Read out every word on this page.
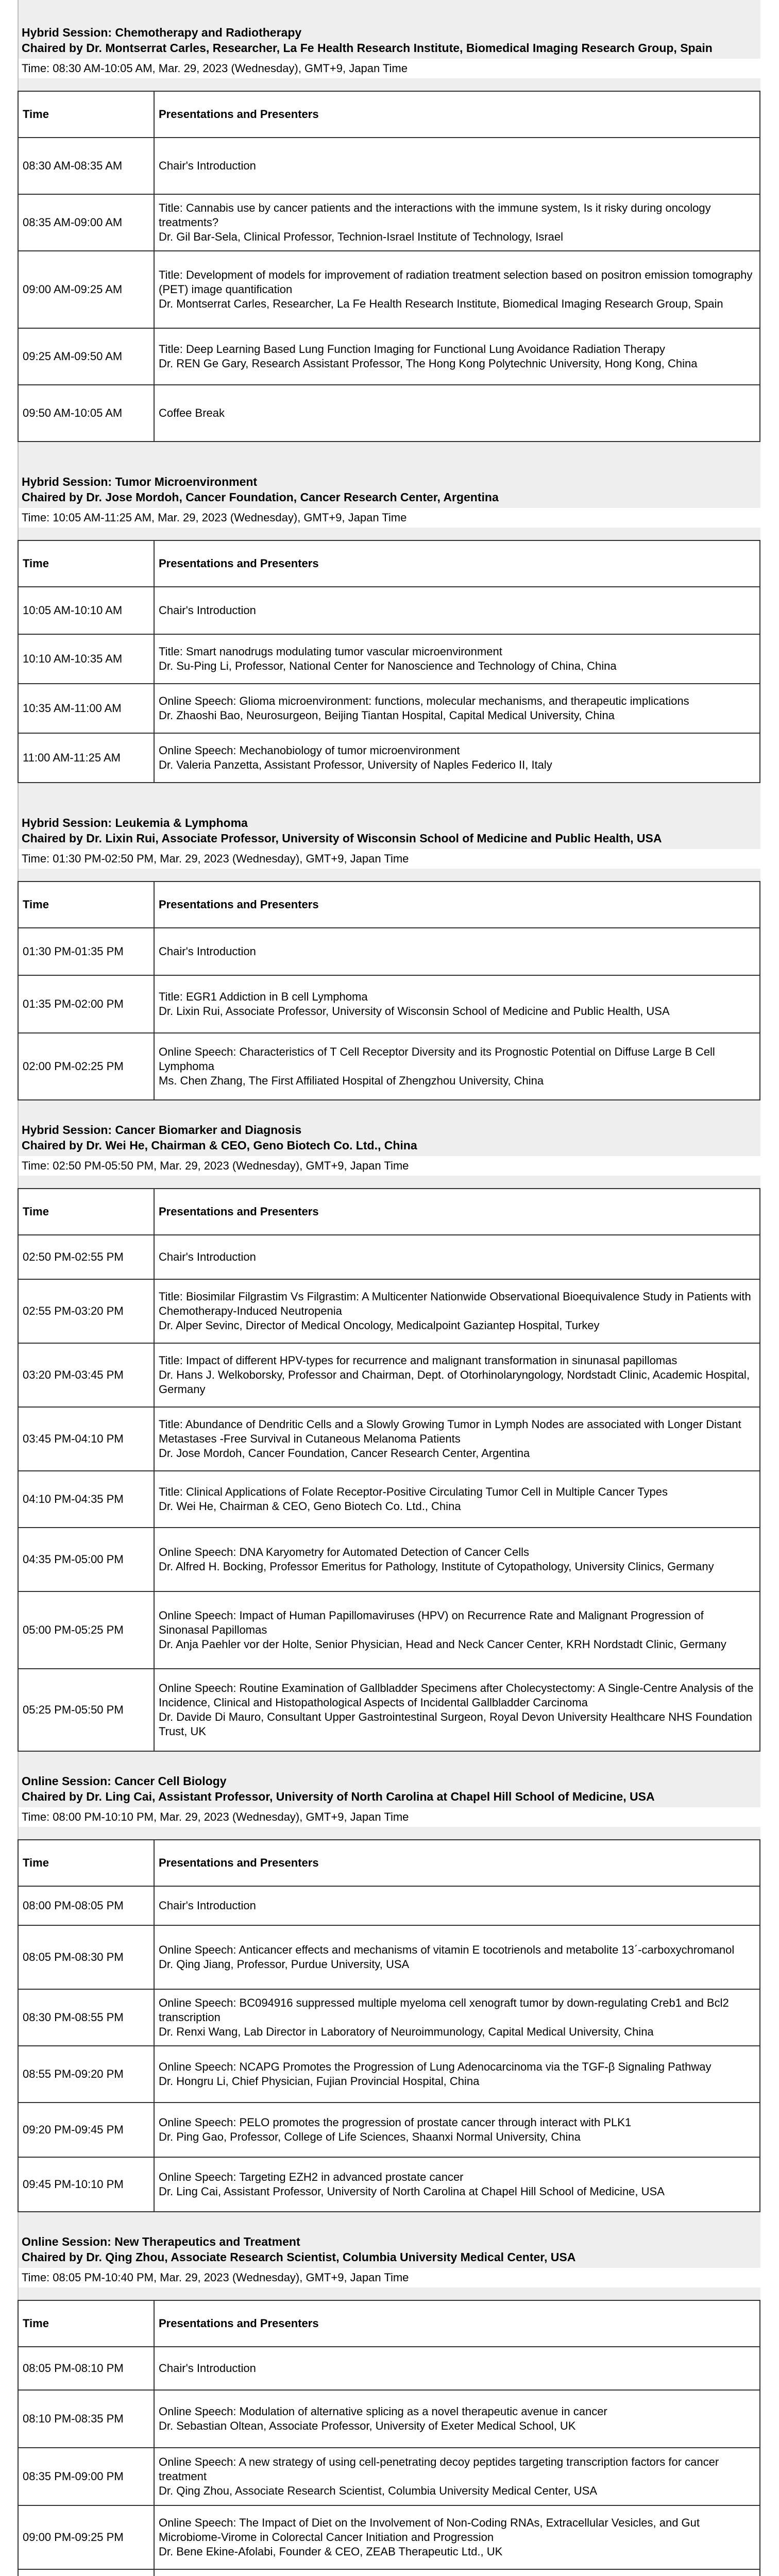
Hybrid Session: Chemotherapy and Radiotherapy
Chaired by Dr. Montserrat Carles, Researcher, La Fe Health Research Institute, Biomedical Imaging Research Group, Spain
Time: 08:30 AM-10:05 AM, Mar. 29, 2023 (Wednesday), GMT+9, Japan Time
Time	Presentations and Presenters
08:30 AM-08:35 AM	Chair's Introduction

08:35 AM-09:00 AM	Title: Cannabis use by cancer patients and the interactions with the immune system, Is it risky during oncology treatments?
Dr. Gil Bar-Sela, Clinical Professor, Technion-Israel Institute of Technology, Israel

09:00 AM-09:25 AM	Title: Development of models for improvement of radiation treatment selection based on positron emission tomography (PET) image quantification
Dr. Montserrat Carles, Researcher, La Fe Health Research Institute, Biomedical Imaging Research Group, Spain

09:25 AM-09:50 AM	Title: Deep Learning Based Lung Function Imaging for Functional Lung Avoidance Radiation Therapy
Dr. REN Ge Gary, Research Assistant Professor, The Hong Kong Polytechnic University, Hong Kong, China

09:50 AM-10:05 AM	Coffee Break
Hybrid Session: Tumor Microenvironment
Chaired by Dr. Jose Mordoh, Cancer Foundation, Cancer Research Center, Argentina
Time: 10:05 AM-11:25 AM, Mar. 29, 2023 (Wednesday), GMT+9, Japan Time
Time	Presentations and Presenters
10:05 AM-10:10 AM	Chair's Introduction

10:10 AM-10:35 AM	Title: Smart nanodrugs modulating tumor vascular microenvironment
Dr. Su-Ping Li, Professor, National Center for Nanoscience and Technology of China, China

10:35 AM-11:00 AM	Online Speech: Glioma microenvironment: functions, molecular mechanisms, and therapeutic implications
Dr. Zhaoshi Bao, Neurosurgeon, Beijing Tiantan Hospital, Capital Medical University, China

11:00 AM-11:25 AM	Online Speech: Mechanobiology of tumor microenvironment
Dr. Valeria Panzetta, Assistant Professor, University of Naples Federico II, Italy
Hybrid Session: Leukemia & Lymphoma
Chaired by Dr. Lixin Rui, Associate Professor, University of Wisconsin School of Medicine and Public Health, USA
Time: 01:30 PM-02:50 PM, Mar. 29, 2023 (Wednesday), GMT+9, Japan Time
Time	Presentations and Presenters
01:30 PM-01:35 PM	Chair's Introduction

01:35 PM-02:00 PM	Title: EGR1 Addiction in B cell Lymphoma
Dr. Lixin Rui, Associate Professor, University of Wisconsin School of Medicine and Public Health, USA

02:00 PM-02:25 PM	Online Speech: Characteristics of T Cell Receptor Diversity and its Prognostic Potential on Diffuse Large B Cell Lymphoma
Ms. Chen Zhang, The First Affiliated Hospital of Zhengzhou University, China
Hybrid Session: Cancer Biomarker and Diagnosis
Chaired by Dr. Wei He, Chairman & CEO, Geno Biotech Co. Ltd., China
Time: 02:50 PM-05:50 PM, Mar. 29, 2023 (Wednesday), GMT+9, Japan Time
Time	Presentations and Presenters
02:50 PM-02:55 PM	Chair's Introduction

02:55 PM-03:20 PM	Title: Biosimilar Filgrastim Vs Filgrastim: A Multicenter Nationwide Observational Bioequivalence Study in Patients with Chemotherapy-Induced Neutropenia
Dr. Alper Sevinc, Director of Medical Oncology, Medicalpoint Gaziantep Hospital, Turkey

03:20 PM-03:45 PM	Title: Impact of different HPV-types for recurrence and malignant transformation in sinunasal papillomas
Dr. Hans J. Welkoborsky, Professor and Chairman, Dept. of Otorhinolaryngology, Nordstadt Clinic, Academic Hospital, Germany

03:45 PM-04:10 PM	Title: Abundance of Dendritic Cells and a Slowly Growing Tumor in Lymph Nodes are associated with Longer Distant Metastases -Free Survival in Cutaneous Melanoma Patients
Dr. Jose Mordoh, Cancer Foundation, Cancer Research Center, Argentina

04:10 PM-04:35 PM	Title: Clinical Applications of Folate Receptor-Positive Circulating Tumor Cell in Multiple Cancer Types
Dr. Wei He, Chairman & CEO, Geno Biotech Co. Ltd., China

04:35 PM-05:00 PM	Online Speech: DNA Karyometry for Automated Detection of Cancer Cells
Dr. Alfred H. Bocking, Professor Emeritus for Pathology, Institute of Cytopathology, University Clinics, Germany

05:00 PM-05:25 PM	Online Speech: Impact of Human Papillomaviruses (HPV) on Recurrence Rate and Malignant Progression of Sinonasal Papillomas
Dr. Anja Paehler vor der Holte, Senior Physician, Head and Neck Cancer Center, KRH Nordstadt Clinic, Germany

05:25 PM-05:50 PM	Online Speech: Routine Examination of Gallbladder Specimens after Cholecystectomy: A Single-Centre Analysis of the Incidence, Clinical and Histopathological Aspects of Incidental Gallbladder Carcinoma
Dr. Davide Di Mauro, Consultant Upper Gastrointestinal Surgeon, Royal Devon University Healthcare NHS Foundation Trust, UK
Online Session: Cancer Cell Biology
Chaired by Dr. Ling Cai, Assistant Professor, University of North Carolina at Chapel Hill School of Medicine, USA
Time: 08:00 PM-10:10 PM, Mar. 29, 2023 (Wednesday), GMT+9, Japan Time
Time	Presentations and Presenters
08:00 PM-08:05 PM	Chair's Introduction

08:05 PM-08:30 PM	Online Speech: Anticancer effects and mechanisms of vitamin E tocotrienols and metabolite 13΄-carboxychromanol
Dr. Qing Jiang, Professor, Purdue University, USA

08:30 PM-08:55 PM	Online Speech: BC094916 suppressed multiple myeloma cell xenograft tumor by down-regulating Creb1 and Bcl2 transcription
Dr. Renxi Wang, Lab Director in Laboratory of Neuroimmunology, Capital Medical University, China

08:55 PM-09:20 PM	Online Speech: NCAPG Promotes the Progression of Lung Adenocarcinoma via the TGF-β Signaling Pathway
Dr. Hongru Li, Chief Physician, Fujian Provincial Hospital, China

09:20 PM-09:45 PM	Online Speech: PELO promotes the progression of prostate cancer through interact with PLK1
Dr. Ping Gao, Professor, College of Life Sciences, Shaanxi Normal University, China

09:45 PM-10:10 PM	Online Speech: Targeting EZH2 in advanced prostate cancer
Dr. Ling Cai, Assistant Professor, University of North Carolina at Chapel Hill School of Medicine, USA
Online Session: New Therapeutics and Treatment
Chaired by Dr. Qing Zhou, Associate Research Scientist, Columbia University Medical Center, USA
Time: 08:05 PM-10:40 PM, Mar. 29, 2023 (Wednesday), GMT+9, Japan Time
Time	Presentations and Presenters
08:05 PM-08:10 PM	Chair's Introduction

08:10 PM-08:35 PM	Online Speech: Modulation of alternative splicing as a novel therapeutic avenue in cancer
Dr. Sebastian Oltean, Associate Professor, University of Exeter Medical School, UK

08:35 PM-09:00 PM	Online Speech: A new strategy of using cell-penetrating decoy peptides targeting transcription factors for cancer treatment
Dr. Qing Zhou, Associate Research Scientist, Columbia University Medical Center, USA

09:00 PM-09:25 PM	Online Speech: The Impact of Diet on the Involvement of Non-Coding RNAs, Extracellular Vesicles, and Gut Microbiome-Virome in Colorectal Cancer Initiation and Progression
Dr. Bene Ekine-Afolabi, Founder & CEO, ZEAB Therapeutic Ltd., UK
